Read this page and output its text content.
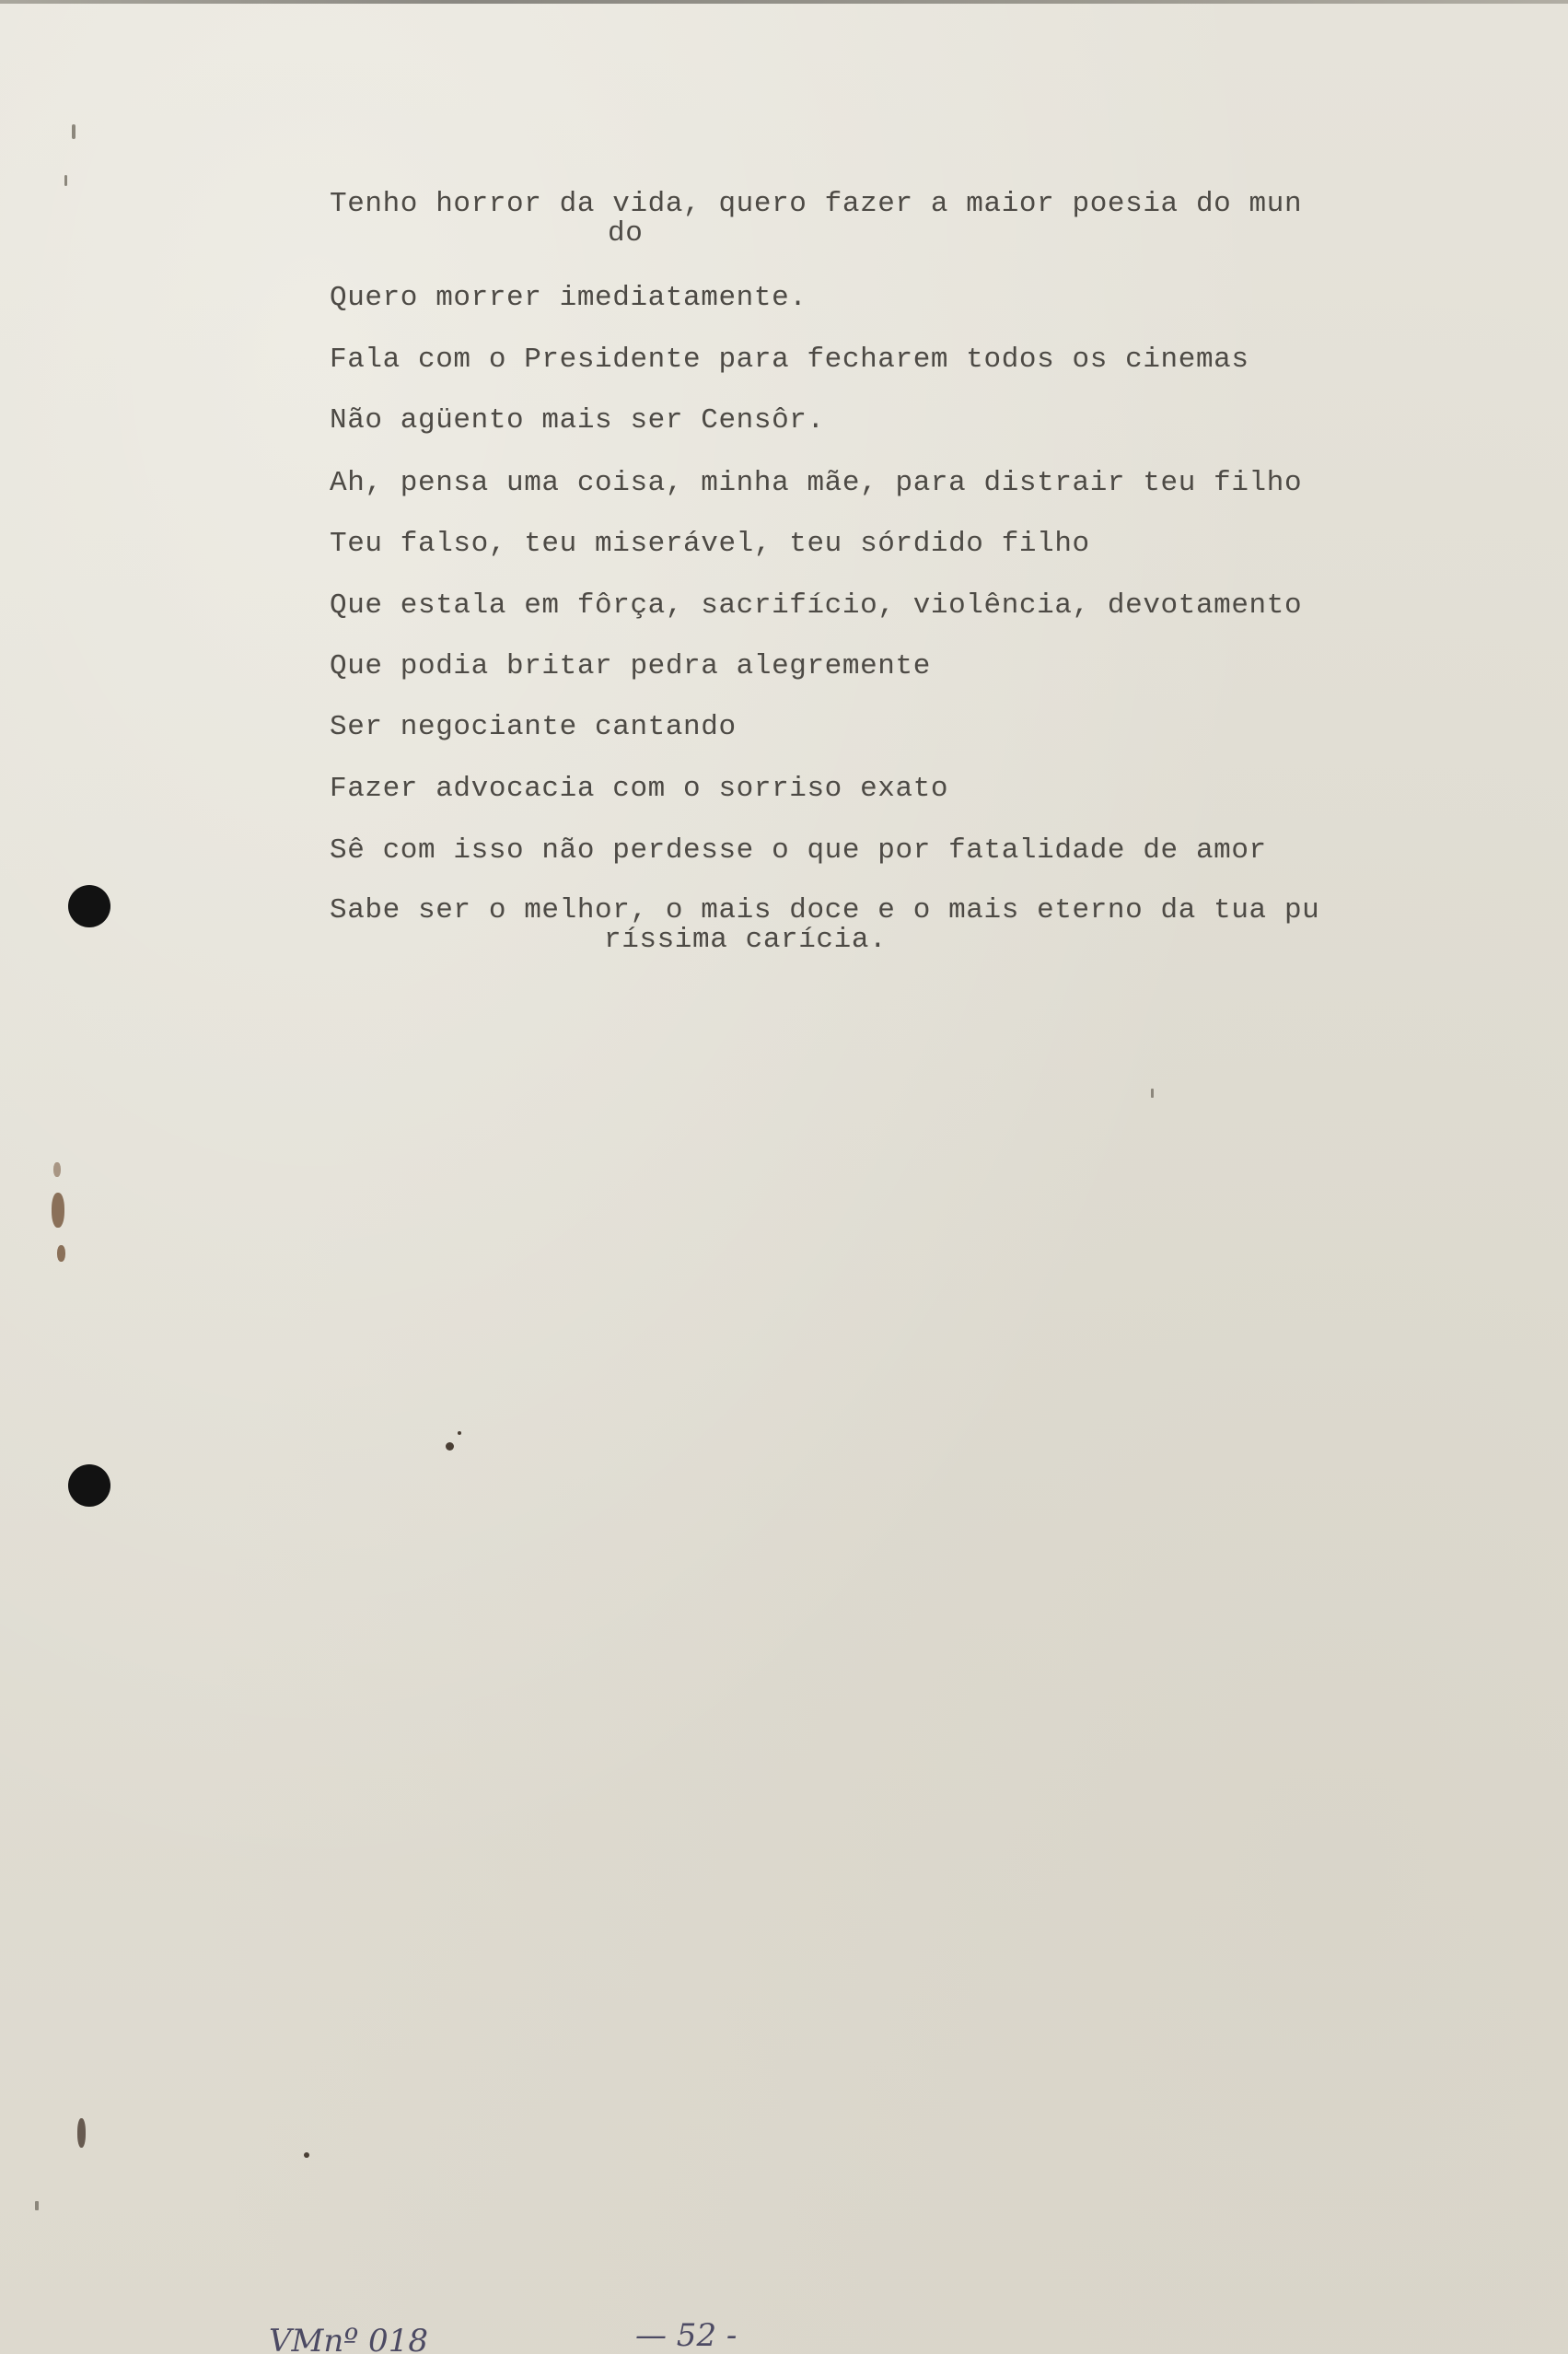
Tenho horror da vida, quero fazer a maior poesia do mun
do
Quero morrer imediatamente.
Fala com o Presidente para fecharem todos os cinemas
Não agüento mais ser Censôr.
Ah, pensa uma coisa, minha mãe, para distrair teu filho
Teu falso, teu miserável, teu sórdido filho
Que estala em fôrça, sacrifício, violência, devotamento
Que podia britar pedra alegremente
Ser negociante cantando
Fazer advocacia com o sorriso exato
Sê com isso não perdesse o que por fatalidade de amor
Sabe ser o melhor, o mais doce e o mais eterno da tua pu
ríssima carícia.
VMnº 018	— 52 -
